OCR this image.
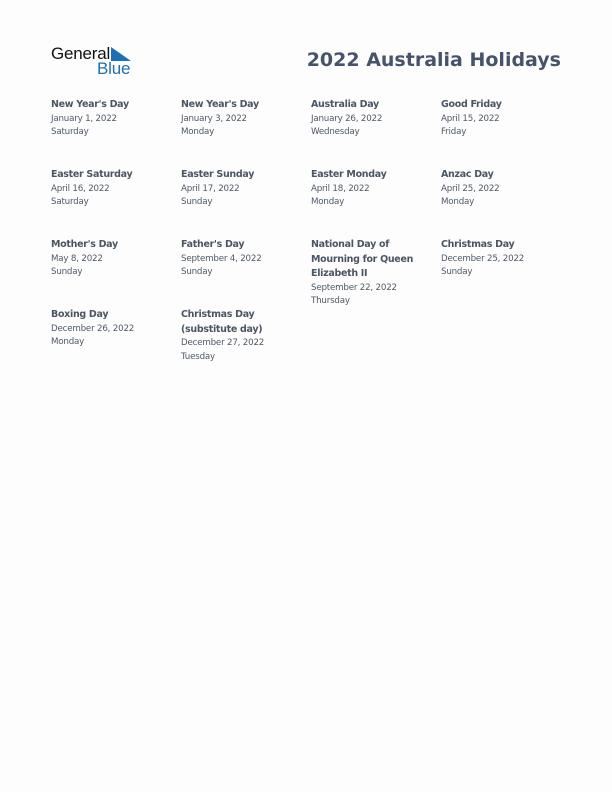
General
Blue	2022 Australia Holidays
New Year's Day
January 1, 2022
Saturday
New Year's Day
January 3, 2022
Monday
Australia Day
January 26, 2022
Wednesday
Good Friday
April 15, 2022
Friday
Easter Saturday
April 16, 2022
Saturday
Easter Sunday
April 17, 2022
Sunday
Easter Monday
April 18, 2022
Monday
Anzac Day
April 25, 2022
Monday
Mother's Day
May 8, 2022
Sunday
Father's Day
September 4, 2022
Sunday
National Day of Mourning for Queen Elizabeth II
September 22, 2022
Thursday
Christmas Day
December 25, 2022
Sunday
Boxing Day
December 26, 2022
Monday
Christmas Day (substitute day)
December 27, 2022
Tuesday
